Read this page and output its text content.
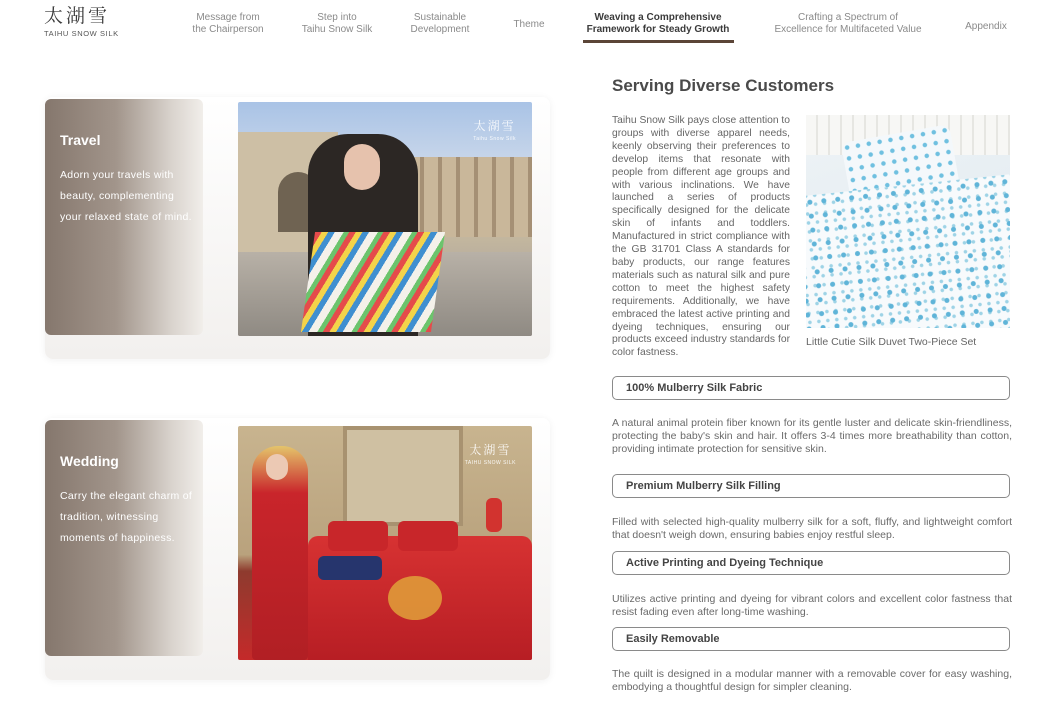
太湖雪
TAIHU SNOW SILK
Message from
the Chairperson
Step into
Taihu Snow Silk
Sustainable
Development	Theme
Weaving a Comprehensive
Framework for Steady Growth
Crafting a Spectrum of
Excellence for Multifaceted Value	Appendix
Travel
Adorn your travels with beauty, complementing your relaxed state of mind.
太湖雪
Taihu Snow Silk
Wedding
Carry the elegant charm of tradition, witnessing moments of happiness.
太湖雪
TAIHU SNOW SILK
Serving Diverse Customers
Taihu Snow Silk pays close attention to groups with diverse apparel needs, keenly observing their preferences to develop items that resonate with people from different age groups and with various inclinations. We have launched a series of products specifically designed for the delicate skin of infants and toddlers. Manufactured in strict compliance with the GB 31701 Class A standards for baby products, our range features materials such as natural silk and pure cotton to meet the highest safety requirements. Additionally, we have embraced the latest active printing and dyeing techniques, ensuring our products exceed industry standards for color fastness.
Little Cutie Silk Duvet Two-Piece Set
100% Mulberry Silk Fabric
A natural animal protein fiber known for its gentle luster and delicate skin-friendliness, protecting the baby's skin and hair. It offers 3-4 times more breathability than cotton, providing intimate protection for sensitive skin.
Premium Mulberry Silk Filling
Filled with selected high-quality mulberry silk for a soft, fluffy, and lightweight comfort that doesn't weigh down, ensuring babies enjoy restful sleep.
Active Printing and Dyeing Technique
Utilizes active printing and dyeing for vibrant colors and excellent color fastness that resist fading even after long-time washing.
Easily Removable
The quilt is designed in a modular manner with a removable cover for easy washing, embodying a thoughtful design for simpler cleaning.
